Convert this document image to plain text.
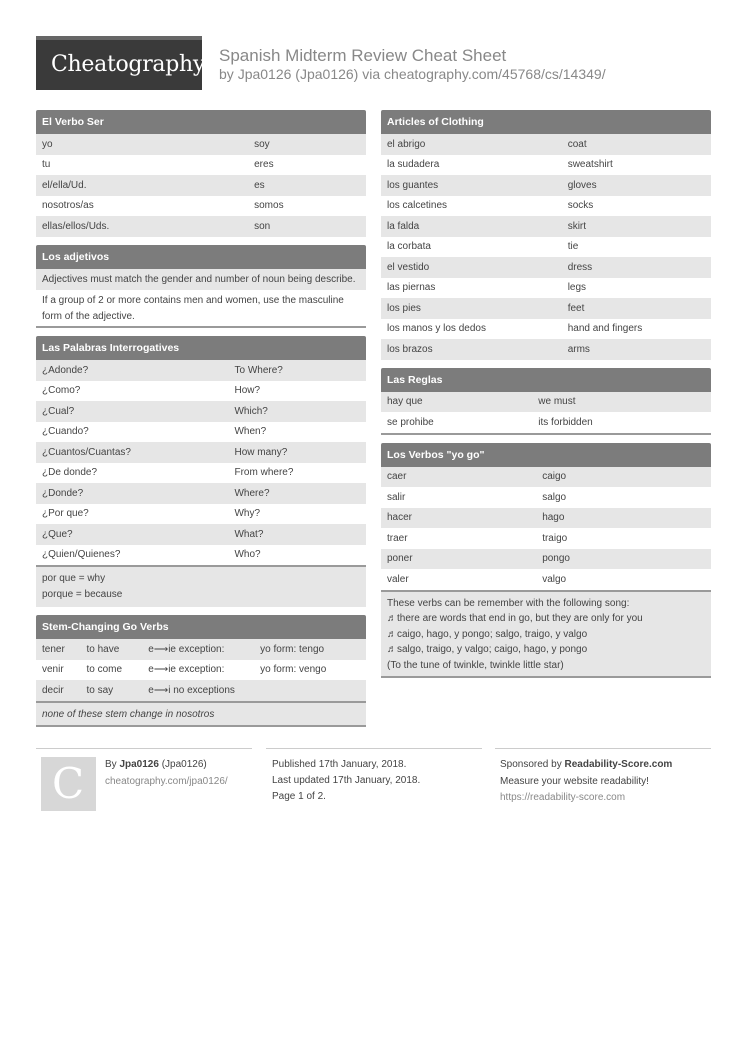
Cheatography Spanish Midterm Review Cheat Sheet
by Jpa0126 (Jpa0126) via cheatography.com/45768/cs/14349/
El Verbo Ser
yo	soy
tu	eres
el/ella/Ud.	es
nosotros/as	somos
ellas/ellos/Uds.	son
Los adjetivos
Adjectives must match the gender and number of noun being describe.
If a group of 2 or more contains men and women, use the masculine form of the adjective.
Las Palabras Interrogatives
¿Adonde?	To Where?
¿Como?	How?
¿Cual?	Which?
¿Cuando?	When?
¿Cuantos/Cuantas?	How many?
¿De donde?	From where?
¿Donde?	Where?
¿Por que?	Why?
¿Que?	What?
¿Quien/Quienes?	Who?
por que = why
porque = because
Stem-Changing Go Verbs
tener	to have	e⟶ie exception:	yo form: tengo
venir	to come	e⟶ie exception:	yo form: vengo
decir	to say	e⟶i no exceptions
none of these stem change in nosotros
Articles of Clothing
el abrigo	coat
la sudadera	sweatshirt
los guantes	gloves
los calcetines	socks
la falda	skirt
la corbata	tie
el vestido	dress
las piernas	legs
los pies	feet
los manos y los dedos	hand and fingers
los brazos	arms
Las Reglas
hay que	we must
se prohibe	its forbidden
Los Verbos "yo go"
caer	caigo
salir	salgo
hacer	hago
traer	traigo
poner	pongo
valer	valgo
These verbs can be remember with the following song:
♬there are words that end in go, but they are only for you
♬caigo, hago, y pongo; salgo, traigo, y valgo
♬salgo, traigo, y valgo; caigo, hago, y pongo
(To the tune of twinkle, twinkle little star)
C By Jpa0126 (Jpa0126)
cheatography.com/jpa0126/
Published 17th January, 2018.
Last updated 17th January, 2018.
Page 1 of 2.
Sponsored by Readability-Score.com
Measure your website readability!
https://readability-score.com
